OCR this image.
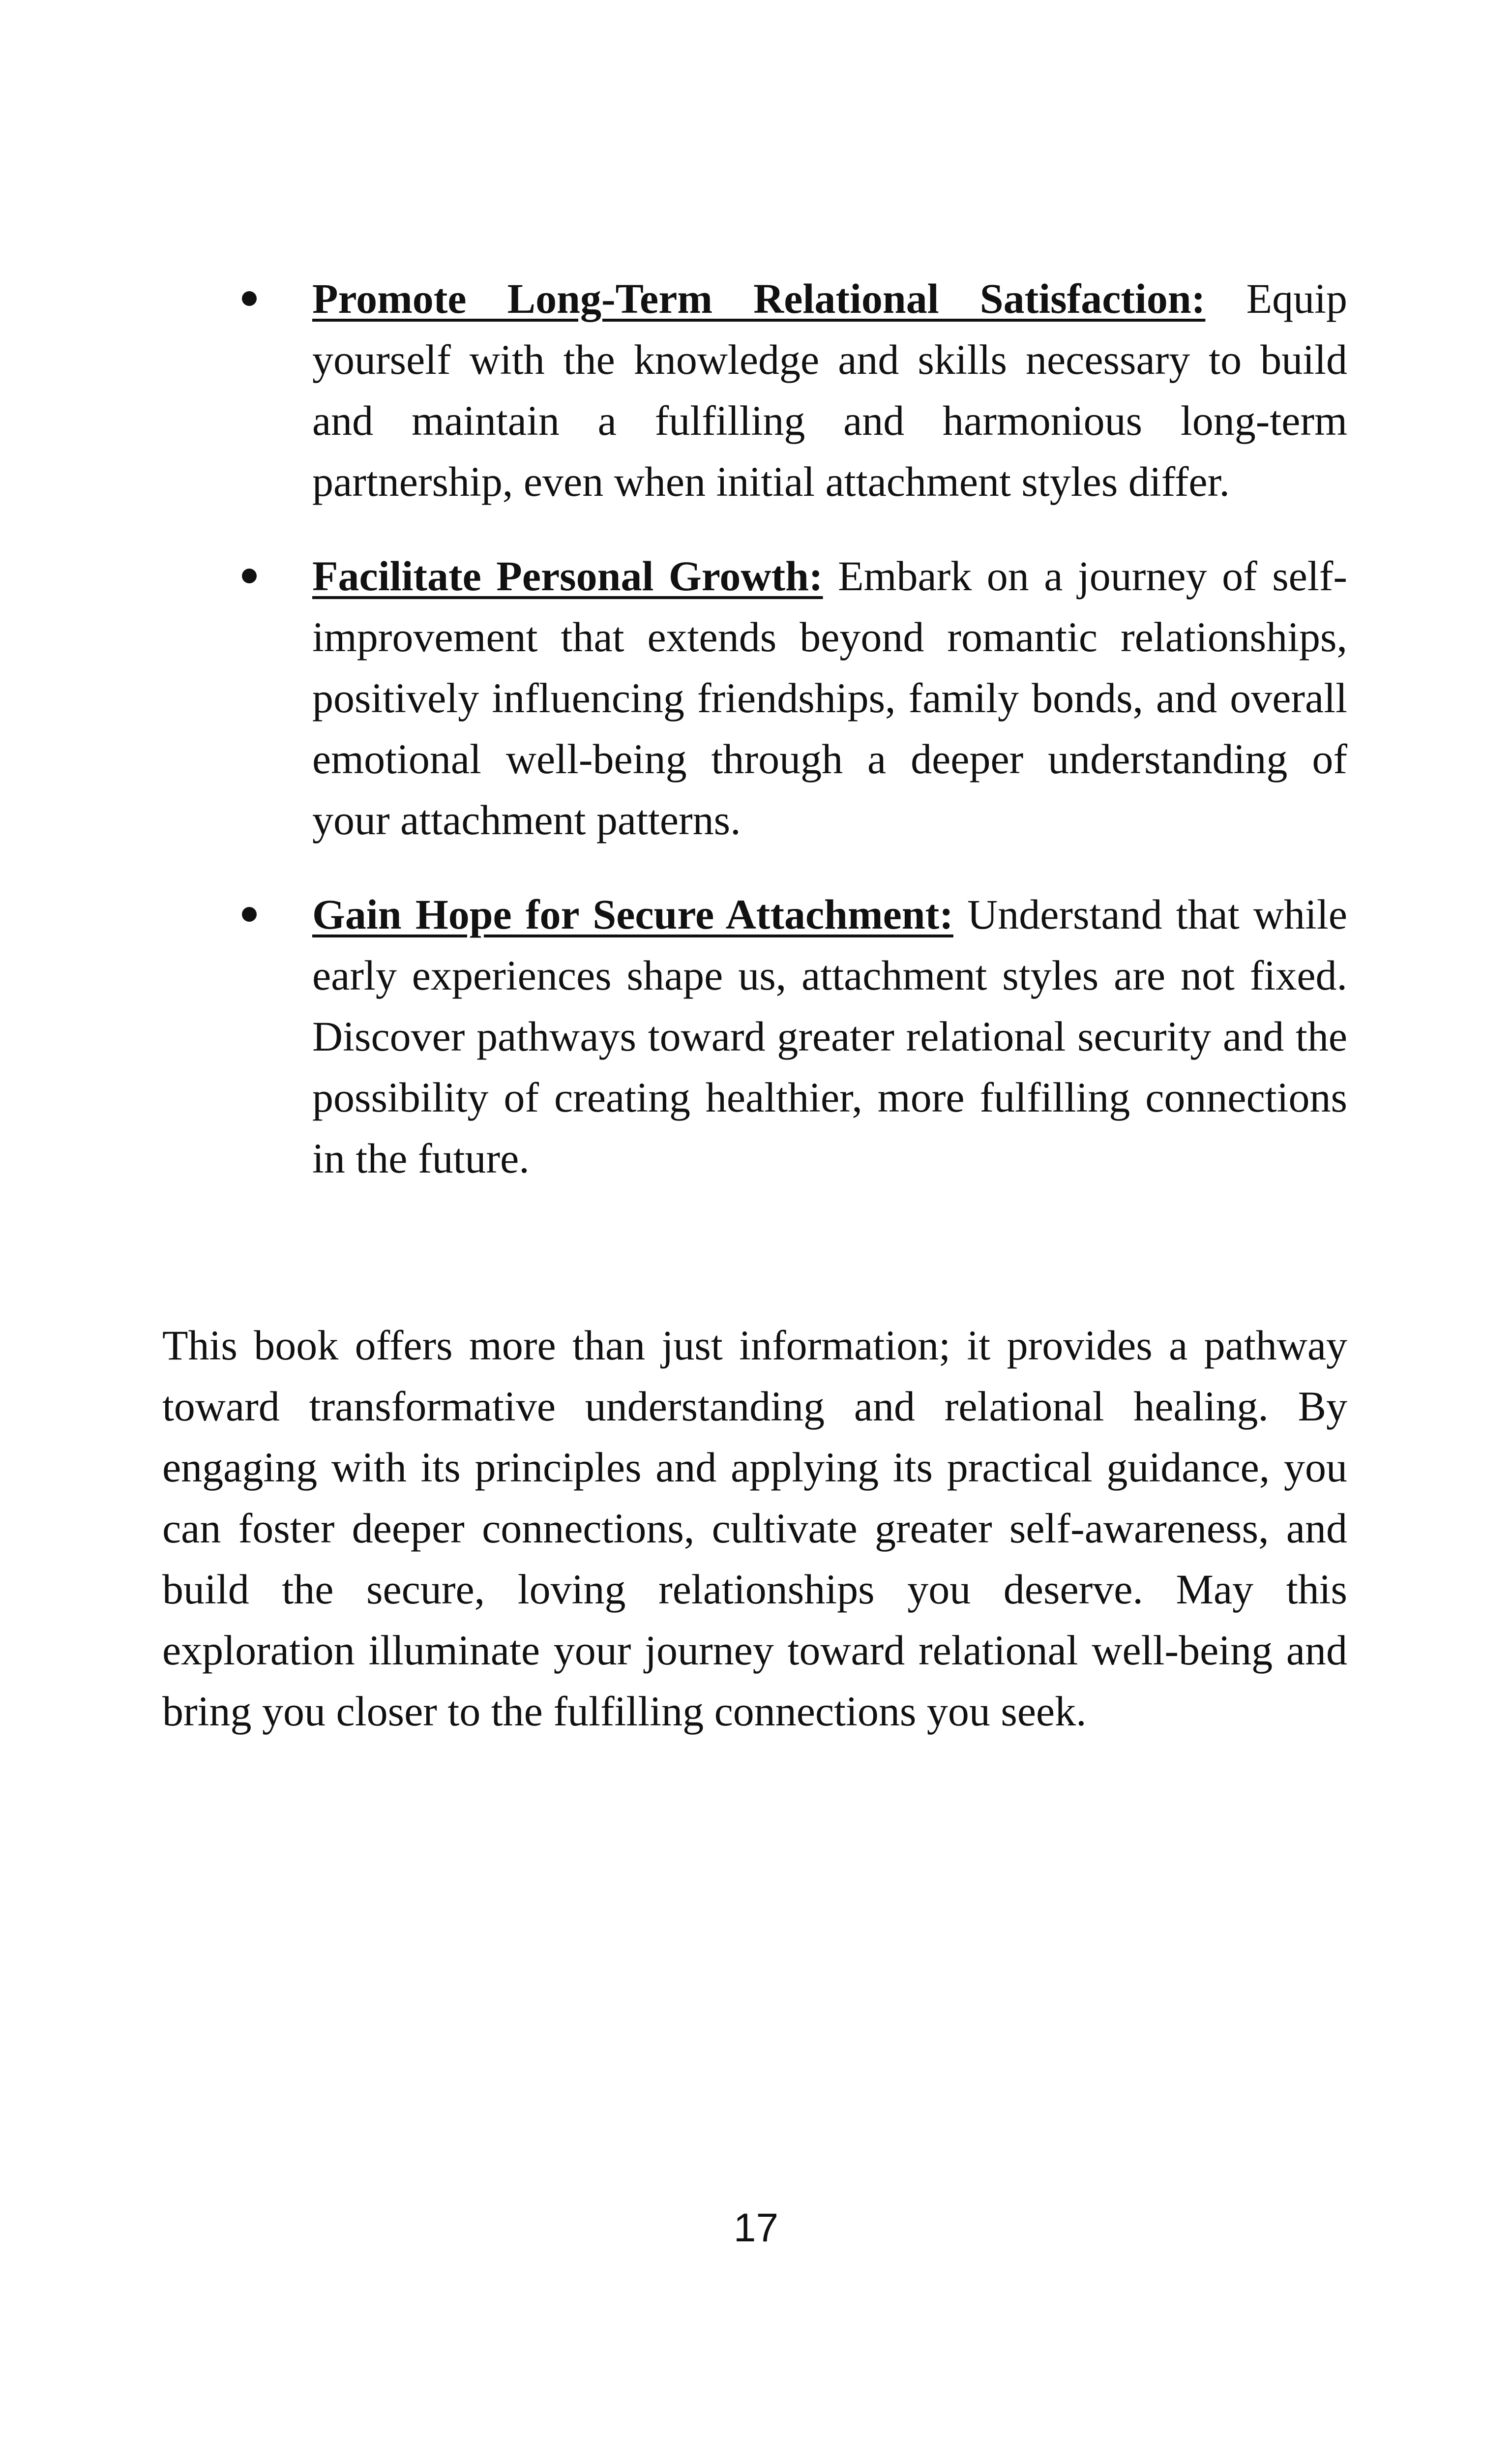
Promote Long-Term Relational Satisfaction: Equip yourself with the knowledge and skills necessary to build and maintain a fulfilling and harmonious long-term partnership, even when initial attachment styles differ.
Facilitate Personal Growth: Embark on a journey of self-improvement that extends beyond romantic relationships, positively influencing friendships, family bonds, and overall emotional well-being through a deeper understanding of your attachment patterns.
Gain Hope for Secure Attachment: Understand that while early experiences shape us, attachment styles are not fixed. Discover pathways toward greater relational security and the possibility of creating healthier, more fulfilling connections in the future.

This book offers more than just information; it provides a pathway toward transformative understanding and relational healing. By engaging with its principles and applying its practical guidance, you can foster deeper connections, cultivate greater self-awareness, and build the secure, loving relationships you deserve. May this exploration illuminate your journey toward relational well-being and bring you closer to the fulfilling connections you seek.

17
